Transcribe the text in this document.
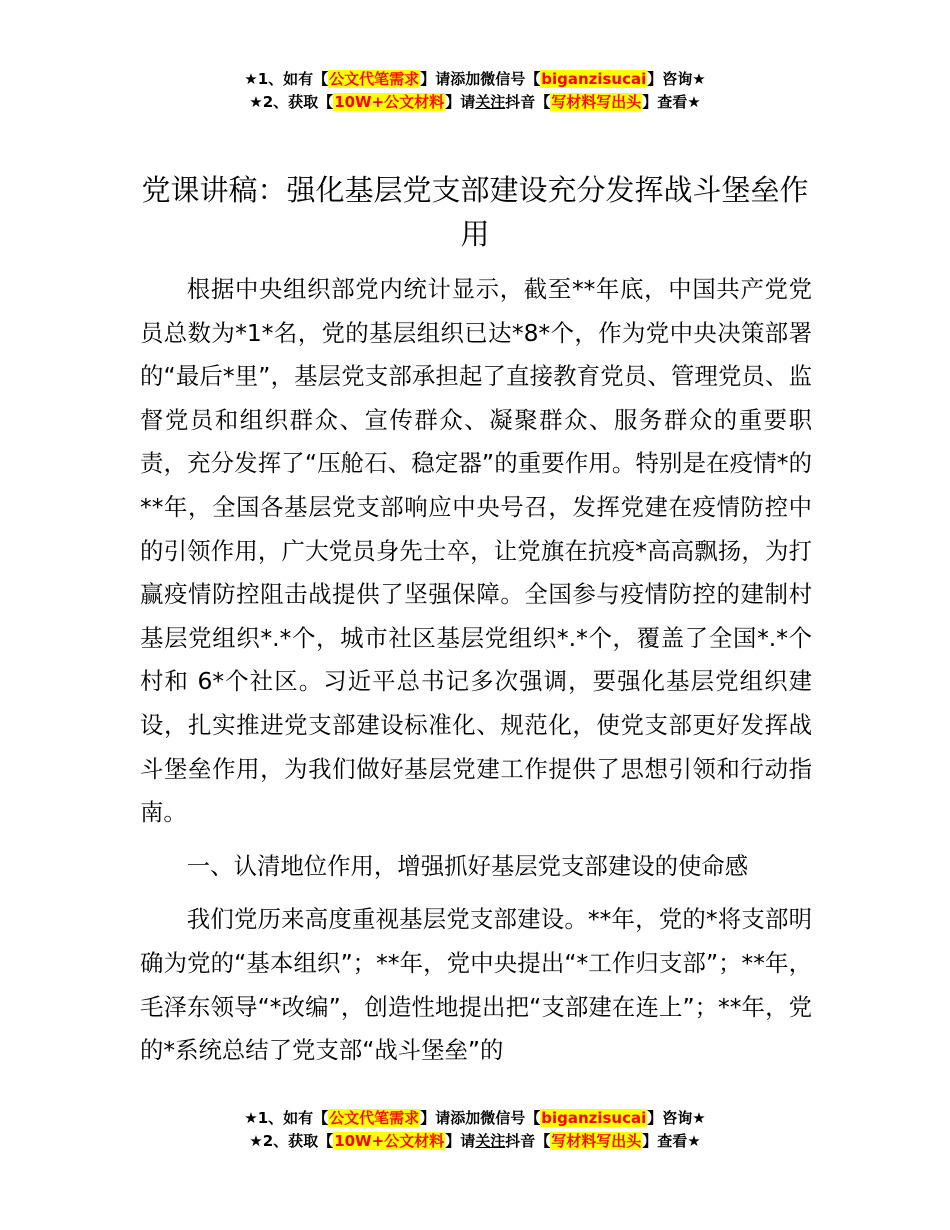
★1、如有【公文代笔需求】请添加微信号【biganzisucai】咨询★
★2、获取【10W+公文材料】请关注抖音【写材料写出头】查看★
党课讲稿：强化基层党支部建设充分发挥战斗堡垒作用

根据中央组织部党内统计显示，截至**年底，中国共产党党员总数为*1*名，党的基层组织已达*8*个，作为党中央决策部署的“最后*里”，基层党支部承担起了直接教育党员、管理党员、监督党员和组织群众、宣传群众、凝聚群众、服务群众的重要职责，充分发挥了“压舱石、稳定器”的重要作用。特别是在疫情*的**年，全国各基层党支部响应中央号召，发挥党建在疫情防控中的引领作用，广大党员身先士卒，让党旗在抗疫*高高飘扬，为打赢疫情防控阻击战提供了坚强保障。全国参与疫情防控的建制村基层党组织*.*个，城市社区基层党组织*.*个，覆盖了全国*.*个村和 6*个社区。习近平总书记多次强调，要强化基层党组织建设，扎实推进党支部建设标准化、规范化，使党支部更好发挥战斗堡垒作用，为我们做好基层党建工作提供了思想引领和行动指南。

一、认清地位作用，增强抓好基层党支部建设的使命感

我们党历来高度重视基层党支部建设。**年，党的*将支部明确为党的“基本组织”；**年，党中央提出“*工作归支部”；**年，毛泽东领导“*改编”，创造性地提出把“支部建在连上”；**年，党的*系统总结了党支部“战斗堡垒”的

★1、如有【公文代笔需求】请添加微信号【biganzisucai】咨询★
★2、获取【10W+公文材料】请关注抖音【写材料写出头】查看★
